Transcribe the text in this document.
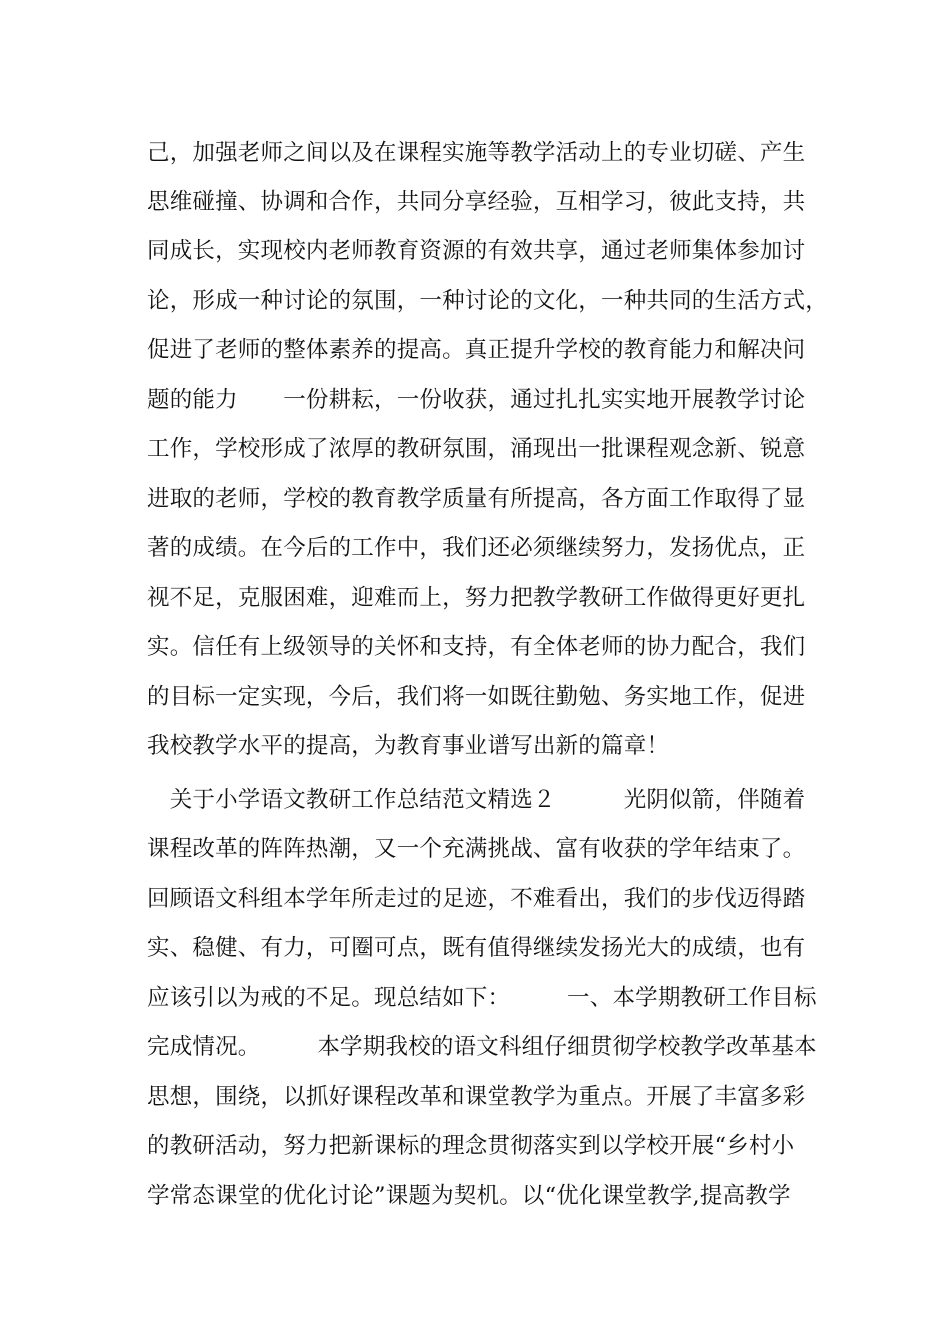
己，加强老师之间以及在课程实施等教学活动上的专业切磋、产生
思维碰撞、协调和合作，共同分享经验，互相学习，彼此支持，共
同成长，实现校内老师教育资源的有效共享，通过老师集体参加讨
论，形成一种讨论的氛围，一种讨论的文化，一种共同的生活方式，
促进了老师的整体素养的提高。真正提升学校的教育能力和解决问
题的能力　　一份耕耘，一份收获，通过扎扎实实地开展教学讨论
工作，学校形成了浓厚的教研氛围，涌现出一批课程观念新、锐意
进取的老师，学校的教育教学质量有所提高，各方面工作取得了显
著的成绩。在今后的工作中，我们还必须继续努力，发扬优点，正
视不足，克服困难，迎难而上，努力把教学教研工作做得更好更扎
实。信任有上级领导的关怀和支持，有全体老师的协力配合，我们
的目标一定实现，今后，我们将一如既往勤勉、务实地工作，促进
我校教学水平的提高，为教育事业谱写出新的篇章！
　关于小学语文教研工作总结范文精选２　　　光阴似箭，伴随着
课程改革的阵阵热潮，又一个充满挑战、富有收获的学年结束了。
回顾语文科组本学年所走过的足迹，不难看出，我们的步伐迈得踏
实、稳健、有力，可圈可点，既有值得继续发扬光大的成绩，也有
应该引以为戒的不足。现总结如下：　　　一、本学期教研工作目标
完成情况。　　　本学期我校的语文科组仔细贯彻学校教学改革基本
思想，围绕，以抓好课程改革和课堂教学为重点。开展了丰富多彩
的教研活动，努力把新课标的理念贯彻落实到以学校开展“乡村小
学常态课堂的优化讨论”课题为契机。以“优化课堂教学,提高教学
